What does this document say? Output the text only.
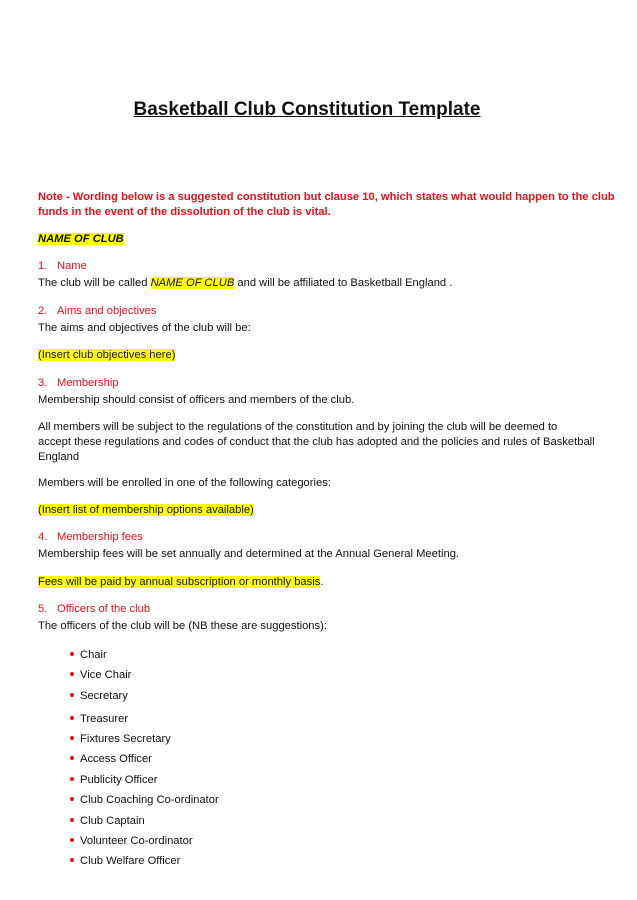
Basketball Club Constitution Template
Note - Wording below is a suggested constitution but clause 10, which states what would happen to the club
funds in the event of the dissolution of the club is vital.
NAME OF CLUB
1. Name
The club will be called NAME OF CLUB and will be affiliated to Basketball England .
2. Aims and objectives
The aims and objectives of the club will be:
(Insert club objectives here)
3. Membership
Membership should consist of officers and members of the club.
All members will be subject to the regulations of the constitution and by joining the club will be deemed to
accept these regulations and codes of conduct that the club has adopted and the policies and rules of Basketball
England
Members will be enrolled in one of the following categories:
(Insert list of membership options available)
4. Membership fees
Membership fees will be set annually and determined at the Annual General Meeting.
Fees will be paid by annual subscription or monthly basis.
5. Officers of the club
The officers of the club will be (NB these are suggestions):
Chair
Vice Chair
Secretary
Treasurer
Fixtures Secretary
Access Officer
Publicity Officer
Club Coaching Co-ordinator
Club Captain
Volunteer Co-ordinator
Club Welfare Officer
